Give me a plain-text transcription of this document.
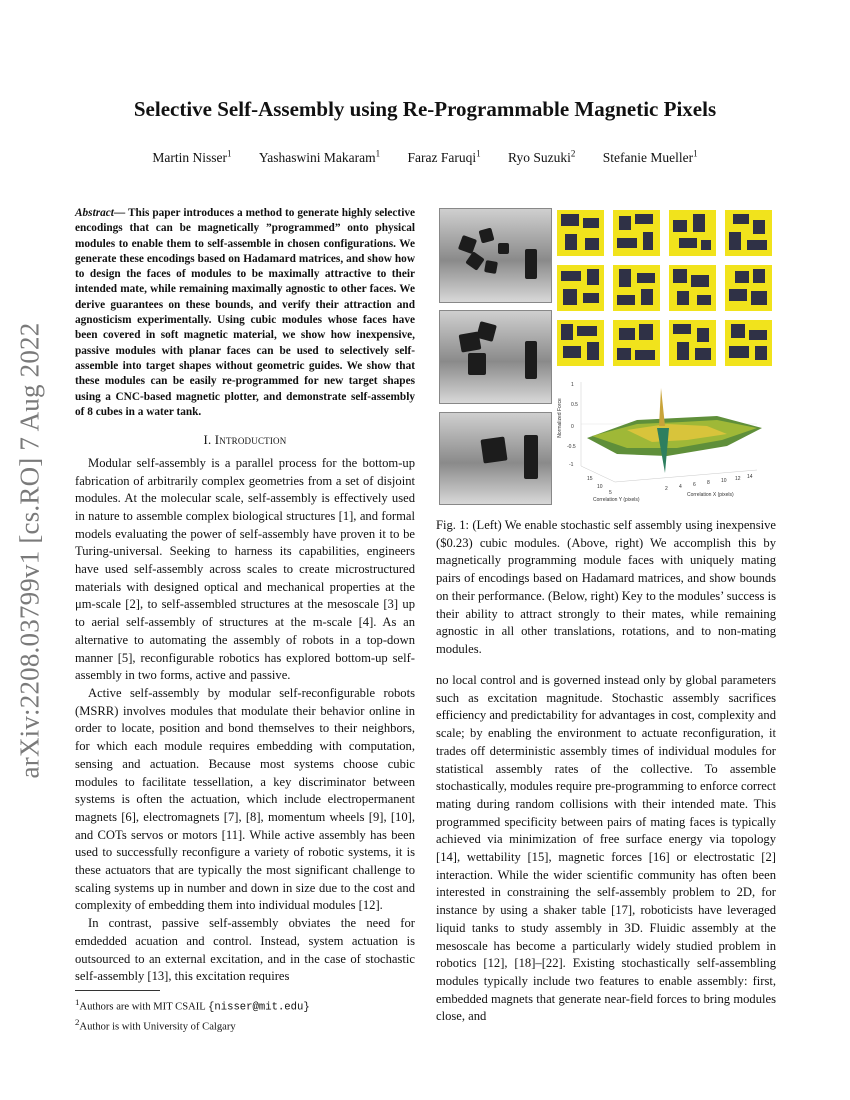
arXiv:2208.03799v1 [cs.RO] 7 Aug 2022
Selective Self-Assembly using Re-Programmable Magnetic Pixels
Martin Nisser$^1$ Yashaswini Makaram$^1$ Faraz Faruqi$^1$ Ryo Suzuki$^2$ Stefanie Mueller$^1$
Abstract— This paper introduces a method to generate highly selective encodings that can be magnetically ”programmed” onto physical modules to enable them to self-assemble in chosen configurations. We generate these encodings based on Hadamard matrices, and show how to design the faces of modules to be maximally attractive to their intended mate, while remaining maximally agnostic to other faces. We derive guarantees on these bounds, and verify their attraction and agnosticism experimentally. Using cubic modules whose faces have been covered in soft magnetic material, we show how inexpensive, passive modules with planar faces can be used to selectively self-assemble into target shapes without geometric guides. We show that these modules can be easily re-programmed for new target shapes using a CNC-based magnetic plotter, and demonstrate self-assembly of 8 cubes in a water tank.
I. Introduction

Modular self-assembly is a parallel process for the bottom-up fabrication of arbitrarily complex geometries from a set of disjoint modules. At the molecular scale, self-assembly is effectively used in nature to assemble complex biological structures [1], and formal models evaluating the power of self-assembly have proven it to be Turing-universal. Seeking to harness its capabilities, engineers have used self-assembly across scales to create microstructured materials with designed optical and mechanical properties at the μm-scale [2], to self-assembled structures at the mesoscale [3] up to aerial self-assembly of structures at the m-scale [4]. As an alternative to automating the assembly of robots in a top-down manner [5], reconfigurable robotics has explored bottom-up self-assembly in two forms, active and passive.

Active self-assembly by modular self-reconfigurable robots (MSRR) involves modules that modulate their behavior online in order to locate, position and bond themselves to their neighbors, for which each module requires embedding with computation, sensing and actuation. Because most systems choose cubic modules to facilitate tessellation, a key discriminator between systems is often the actuation, which include electropermanent magnets [6], electromagnets [7], [8], momentum wheels [9], [10], and COTs servos or motors [11]. While active assembly has been used to successfully reconfigure a variety of robotic systems, it is these actuators that are typically the most significant challenge to scaling systems up in number and down in size due to the cost and complexity of embedding them into individual modules [12].

In contrast, passive self-assembly obviates the need for emdedded acuation and control. Instead, system actuation is outsourced to an external excitation, and in the case of stochastic self-assembly [13], this excitation requires

$^1$Authors are with MIT CSAIL {nisser@mit.edu}
$^2$Author is with University of Calgary
Normalized Force
1
0.5
0
-0.5
-1
15
10
5
2 4 6 8 10 12 14
Correlation Y (pixels)
Correlation X (pixels)
Fig. 1: (Left) We enable stochastic self assembly using inexpensive ($0.23) cubic modules. (Above, right) We accomplish this by magnetically programming module faces with uniquely mating pairs of encodings based on Hadamard matrices, and show bounds on their performance. (Below, right) Key to the modules’ success is their ability to attract strongly to their mates, while remaining agnostic in all other translations, rotations, and to non-mating modules.

no local control and is governed instead only by global parameters such as excitation magnitude. Stochastic assembly sacrifices efficiency and predictability for advantages in cost, complexity and scale; by enabling the environment to actuate reconfiguration, it trades off deterministic assembly times of individual modules for statistical assembly rates of the collective. To assemble stochastically, modules require pre-programming to enforce correct mating during random collisions with their intended mate. This programmed specificity between pairs of mating faces is typically achieved via minimization of free surface energy via topology [14], wettability [15], magnetic forces [16] or electrostatic [2] interaction. While the wider scientific community has often been interested in constraining the self-assembly problem to 2D, for instance by using a shaker table [17], roboticists have leveraged liquid tanks to study assembly in 3D. Fluidic assembly at the mesoscale has become a particularly widely studied problem in robotics [12], [18]–[22]. Existing stochastically self-assembling modules typically include two features to enable assembly: first, embedded magnets that generate near-field forces to bring modules close, and
